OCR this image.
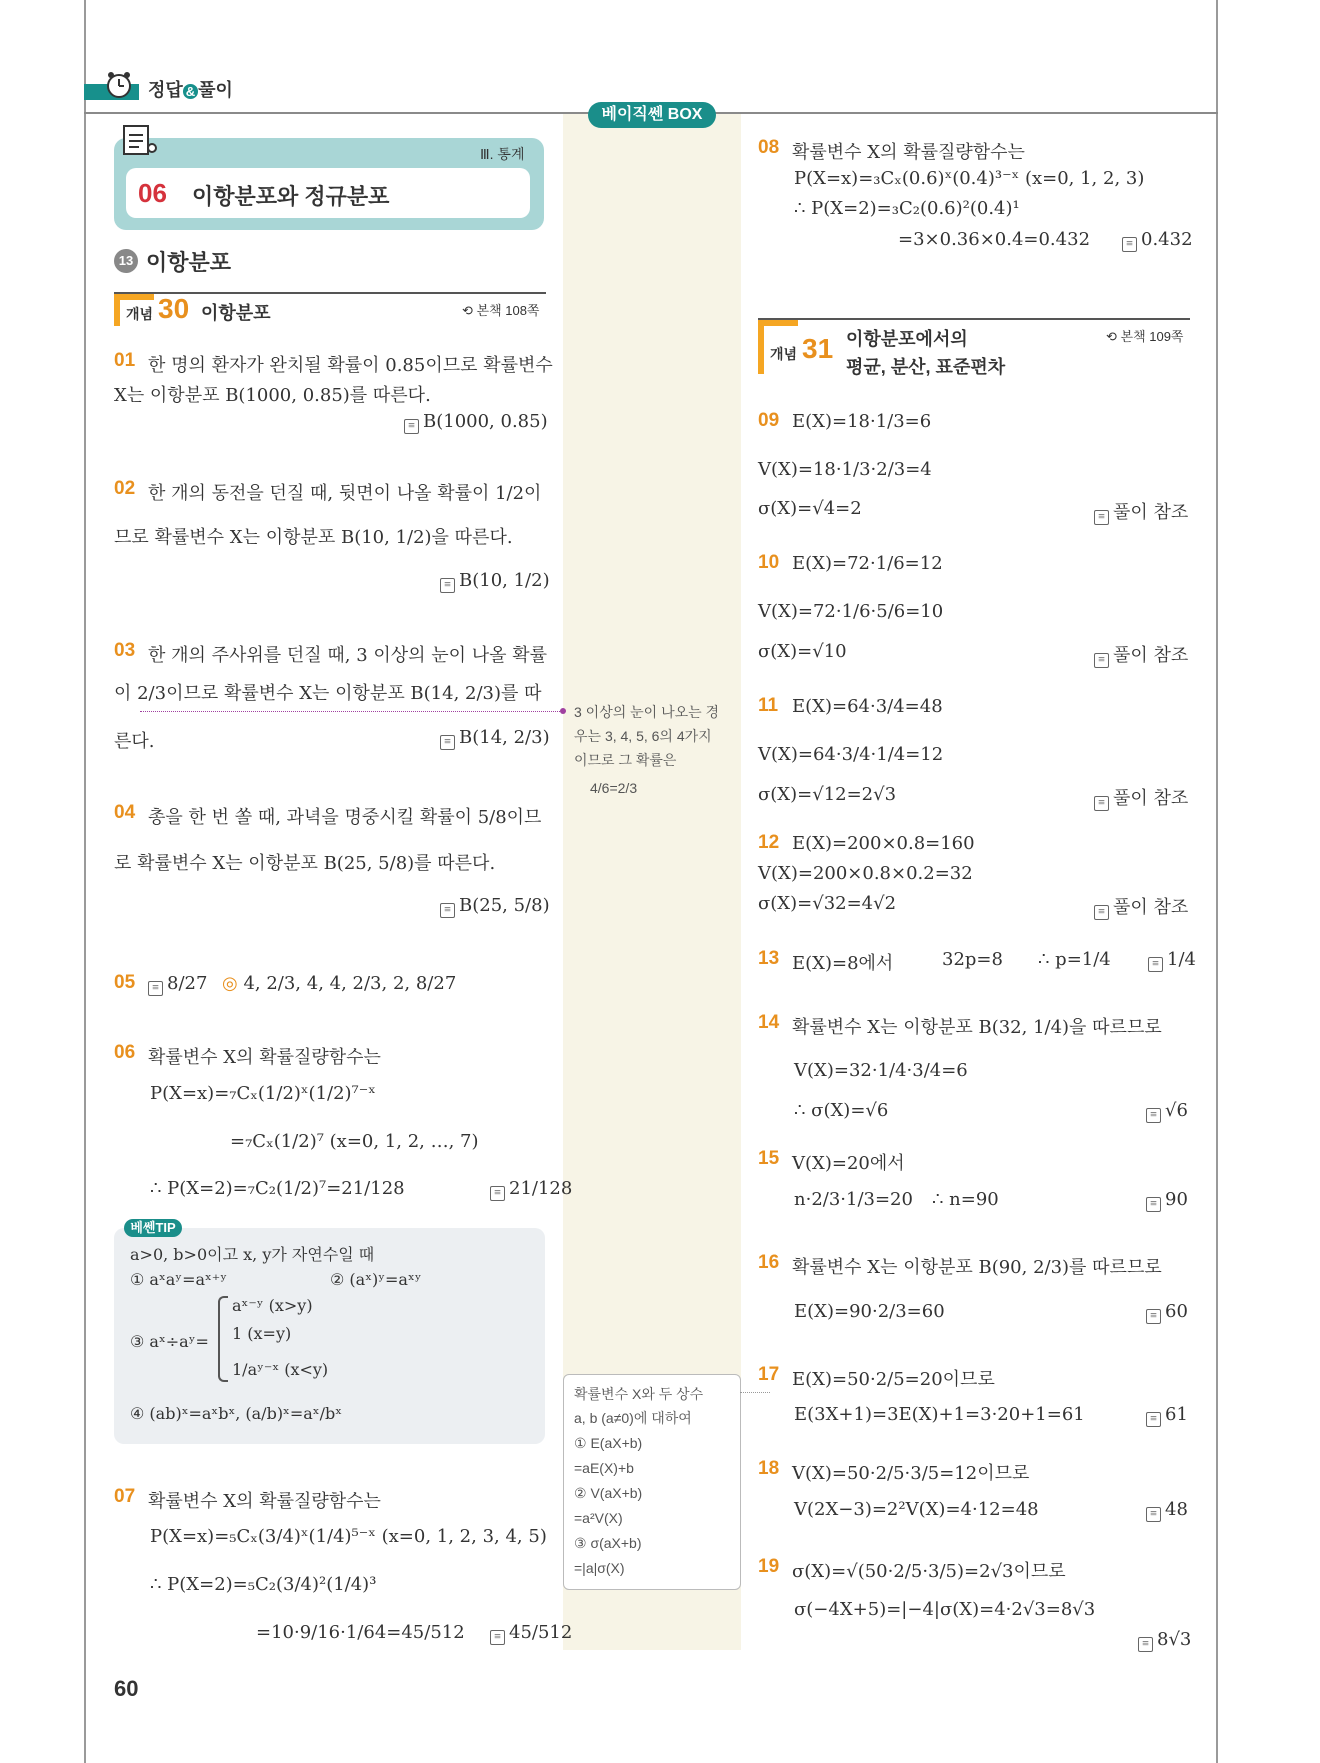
정답 & 풀이
베이직쎈 BOX
Ⅲ. 통계
06 이항분포와 정규분포
13 이항분포
개념 30 이항분포	⟲ 본책 108쪽
01 한 명의 환자가 완치될 확률이 0.85이므로 확률변수
X는 이항분포 B(1000, 0.85)를 따른다.
≡ B(1000, 0.85)
02 한 개의 동전을 던질 때, 뒷면이 나올 확률이 1/2이
므로 확률변수 X는 이항분포 B(10, 1/2)을 따른다.
≡ B(10, 1/2)
03 한 개의 주사위를 던질 때, 3 이상의 눈이 나올 확률
이 2/3이므로 확률변수 X는 이항분포 B(14, 2/3)를 따
른다.	≡ B(14, 2/3)
04 총을 한 번 쏠 때, 과녁을 명중시킬 확률이 5/8이므
로 확률변수 X는 이항분포 B(25, 5/8)를 따른다.
≡ B(25, 5/8)
05	≡ 8/27 ◎ 4, 2/3, 4, 4, 2/3, 2, 8/27
06 확률변수 X의 확률질량함수는
P(X=x)=₇Cₓ(1/2)ˣ(1/2)⁷⁻ˣ
=₇Cₓ(1/2)⁷ (x=0, 1, 2, …, 7)
∴ P(X=2)=₇C₂(1/2)⁷=21/128	≡ 21/128
베쎈TIP
a>0, b>0이고 x, y가 자연수일 때
① aˣaʸ=aˣ⁺ʸ	② (aˣ)ʸ=aˣʸ
③ aˣ÷aʸ=
aˣ⁻ʸ (x>y)
1 (x=y)
1/aʸ⁻ˣ (x<y)
④ (ab)ˣ=aˣbˣ, (a/b)ˣ=aˣ/bˣ
07 확률변수 X의 확률질량함수는
P(X=x)=₅Cₓ(3/4)ˣ(1/4)⁵⁻ˣ (x=0, 1, 2, 3, 4, 5)
∴ P(X=2)=₅C₂(3/4)²(1/4)³
=10·9/16·1/64=45/512	≡ 45/512
60
3 이상의 눈이 나오는 경
우는 3, 4, 5, 6의 4가지
이므로 그 확률은
4/6=2/3
확률변수 X와 두 상수
a, b (a≠0)에 대하여
① E(aX+b)
=aE(X)+b
② V(aX+b)
=a²V(X)
③ σ(aX+b)
=|a|σ(X)
08 확률변수 X의 확률질량함수는
P(X=x)=₃Cₓ(0.6)ˣ(0.4)³⁻ˣ (x=0, 1, 2, 3)
∴ P(X=2)=₃C₂(0.6)²(0.4)¹
=3×0.36×0.4=0.432	≡ 0.432
개념 31 이항분포에서의
평균, 분산, 표준편차
⟲ 본책 109쪽
09 E(X)=18·1/3=6
V(X)=18·1/3·2/3=4
σ(X)=√4=2	≡ 풀이 참조
10 E(X)=72·1/6=12
V(X)=72·1/6·5/6=10
σ(X)=√10	≡ 풀이 참조
11 E(X)=64·3/4=48
V(X)=64·3/4·1/4=12
σ(X)=√12=2√3	≡ 풀이 참조
12 E(X)=200×0.8=160
V(X)=200×0.8×0.2=32
σ(X)=√32=4√2	≡ 풀이 참조
13 E(X)=8에서	32p=8 ∴ p=1/4	≡ 1/4
14 확률변수 X는 이항분포 B(32, 1/4)을 따르므로
V(X)=32·1/4·3/4=6
∴ σ(X)=√6	≡ √6
15 V(X)=20에서
n·2/3·1/3=20 ∴ n=90	≡ 90
16 확률변수 X는 이항분포 B(90, 2/3)를 따르므로
E(X)=90·2/3=60	≡ 60
17 E(X)=50·2/5=20이므로
E(3X+1)=3E(X)+1=3·20+1=61	≡ 61
18 V(X)=50·2/5·3/5=12이므로
V(2X−3)=2²V(X)=4·12=48	≡ 48
19 σ(X)=√(50·2/5·3/5)=2√3이므로
σ(−4X+5)=|−4|σ(X)=4·2√3=8√3
≡ 8√3
